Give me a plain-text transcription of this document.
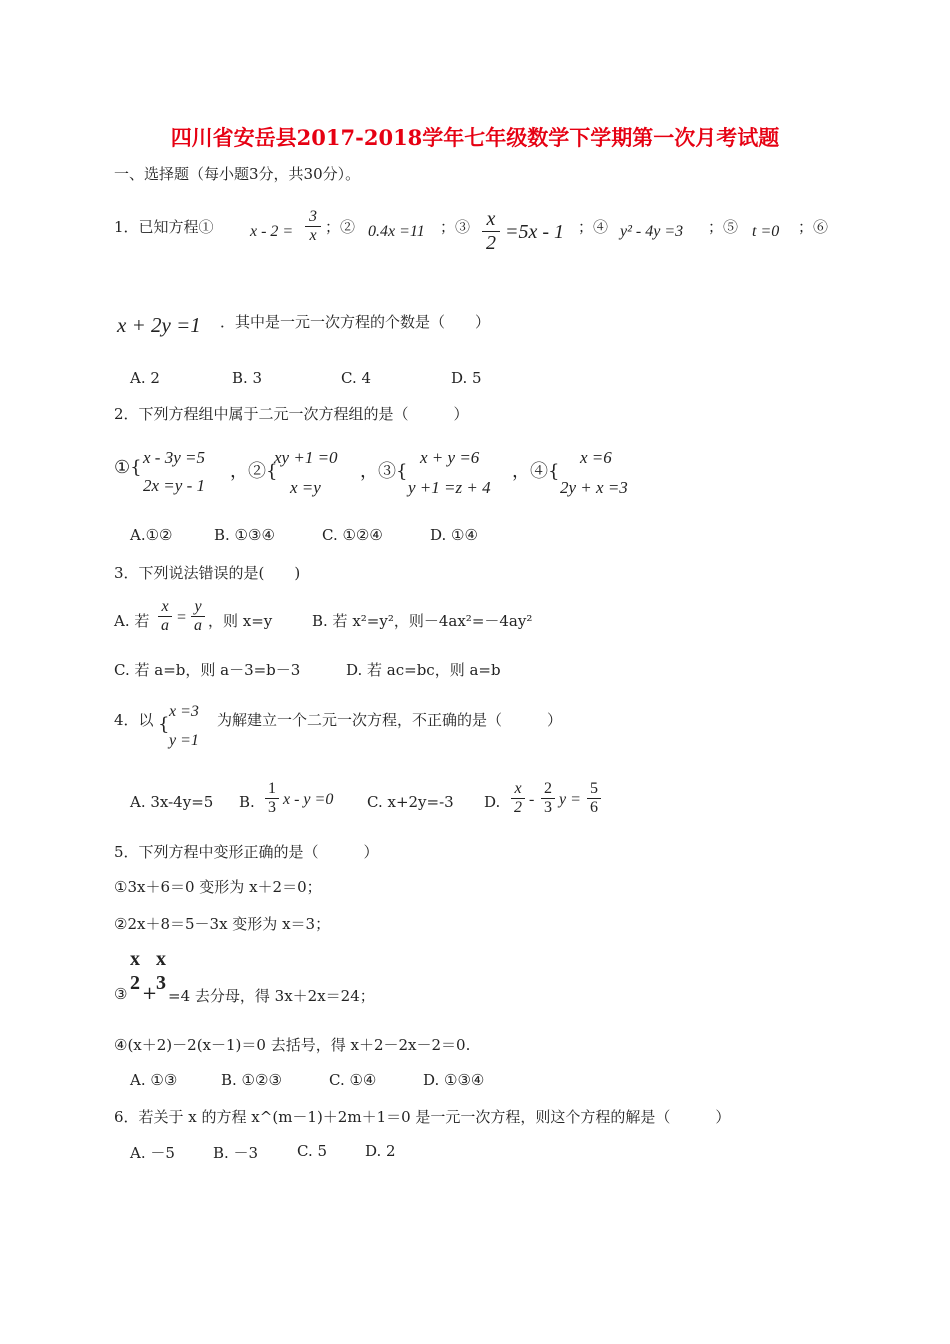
四川省安岳县2017-2018学年七年级数学下学期第一次月考试题
一、选择题（每小题3分，共30分）。
1．已知方程① x - 2 =
3
x ；② 0.4x =11 ；③ x
2 =5x - 1 ；④ y² - 4y =3 ；⑤ t =0 ；⑥
x + 2y =1 ．其中是一元一次方程的个数是（　　）
A. 2	B. 3	C. 4	D. 5
2．下列方程组中属于二元一次方程组的是（　　　）
①{ x - 3y =5
2x =y - 1
，②{
xy +1 =0
x =y
，③{
x + y =6
y +1 =z + 4
，④{
x =6
2y + x =3
A.①②	B. ①③④	C. ①②④	D. ①④
3．下列说法错误的是(　　)
A. 若
x
a =
y
a ，则 x=y	B. 若 x²=y²，则－4ax²=－4ay²
C. 若 a=b，则 a－3=b－3	D. 若 ac=bc，则 a=b
4．以 {
x =3
y =1
为解建立一个二元一次方程，不正确的是（　　　）
A. 3x-4y=5 B.
1
3 x - y =0 C. x+2y=-3 D.
x
2 -
2
3 y =
5
6
5．下列方程中变形正确的是（　　　）
①3x＋6＝0 变形为 x＋2＝0；
②2x＋8＝5－3x 变形为 x＝3；
③
x2 +
x3
=4 去分母，得 3x＋2x＝24；
④(x＋2)－2(x－1)＝0 去括号，得 x＋2－2x－2＝0.
A. ①③	B. ①②③	C. ①④	D. ①③④
6．若关于 x 的方程 x^(m－1)＋2m＋1＝0 是一元一次方程，则这个方程的解是（　　　）
A. －5	B. －3	C. 5	D. 2
